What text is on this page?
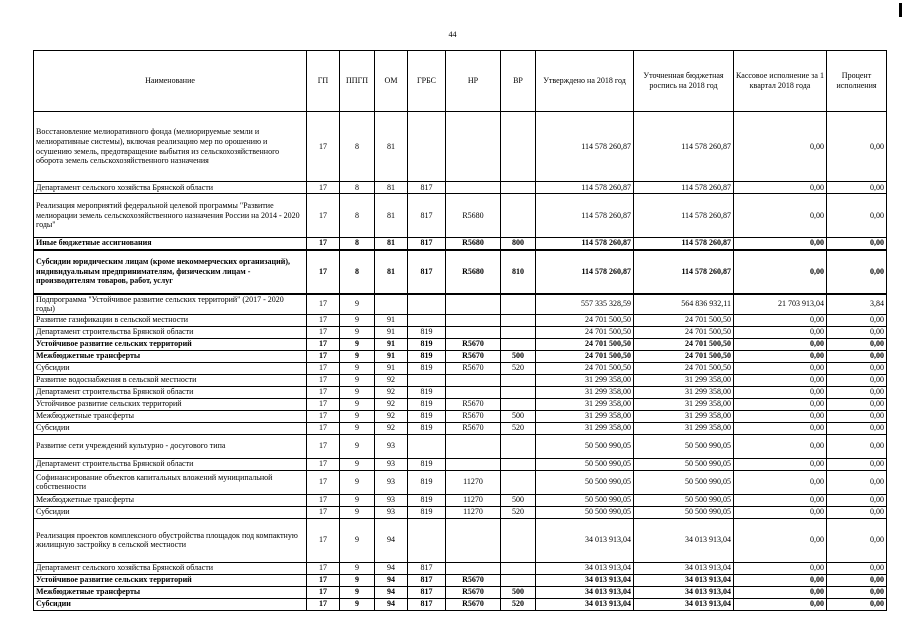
44
Наименование	ГП	ППГП	ОМ	ГРБС	НР	ВР	Утверждено на 2018 год	Уточненная бюджетная роспись на 2018 год	Кассовое исполнение за 1 квартал 2018 года	Процент исполнения
Восстановление мелиоративного фонда (мелиорируемые земли и мелиоративные системы), включая реализацию мер по орошению и осушению земель, предотвращение выбытия из сельскохозяйственного оборота земель сельскохозяйственного назначения	17	8	81				114 578 260,87	114 578 260,87	0,00	0,00
Департамент сельского хозяйства Брянской области	17	8	81	817			114 578 260,87	114 578 260,87	0,00	0,00
Реализация мероприятий федеральной целевой программы "Развитие мелиорации земель сельскохозяйственного назначения России на 2014 - 2020 годы"	17	8	81	817	R5680		114 578 260,87	114 578 260,87	0,00	0,00
Иные бюджетные ассигнования	17	8	81	817	R5680	800	114 578 260,87	114 578 260,87	0,00	0,00
Субсидии юридическим лицам (кроме некоммерческих организаций), индивидуальным предпринимателям, физическим лицам - производителям товаров, работ, услуг	17	8	81	817	R5680	810	114 578 260,87	114 578 260,87	0,00	0,00
Подпрограмма "Устойчивое развитие сельских территорий" (2017 - 2020 годы)	17	9					557 335 328,59	564 836 932,11	21 703 913,04	3,84
Развитие газификации в сельской местности	17	9	91				24 701 500,50	24 701 500,50	0,00	0,00
Департамент строительства Брянской области	17	9	91	819			24 701 500,50	24 701 500,50	0,00	0,00
Устойчивое развитие сельских территорий	17	9	91	819	R5670		24 701 500,50	24 701 500,50	0,00	0,00
Межбюджетные трансферты	17	9	91	819	R5670	500	24 701 500,50	24 701 500,50	0,00	0,00
Субсидии	17	9	91	819	R5670	520	24 701 500,50	24 701 500,50	0,00	0,00
Развитие водоснабжения в сельской местности	17	9	92				31 299 358,00	31 299 358,00	0,00	0,00
Департамент строительства Брянской области	17	9	92	819			31 299 358,00	31 299 358,00	0,00	0,00
Устойчивое развитие сельских территорий	17	9	92	819	R5670		31 299 358,00	31 299 358,00	0,00	0,00
Межбюджетные трансферты	17	9	92	819	R5670	500	31 299 358,00	31 299 358,00	0,00	0,00
Субсидии	17	9	92	819	R5670	520	31 299 358,00	31 299 358,00	0,00	0,00
Развитие сети учреждений культурно - досугового типа	17	9	93				50 500 990,05	50 500 990,05	0,00	0,00
Департамент строительства Брянской области	17	9	93	819			50 500 990,05	50 500 990,05	0,00	0,00
Софинансирование объектов капитальных вложений муниципальной собственности	17	9	93	819	11270		50 500 990,05	50 500 990,05	0,00	0,00
Межбюджетные трансферты	17	9	93	819	11270	500	50 500 990,05	50 500 990,05	0,00	0,00
Субсидии	17	9	93	819	11270	520	50 500 990,05	50 500 990,05	0,00	0,00
Реализация проектов комплексного обустройства площадок под компактную жилищную застройку в сельской местности	17	9	94				34 013 913,04	34 013 913,04	0,00	0,00
Департамент сельского хозяйства Брянской области	17	9	94	817			34 013 913,04	34 013 913,04	0,00	0,00
Устойчивое развитие сельских территорий	17	9	94	817	R5670		34 013 913,04	34 013 913,04	0,00	0,00
Межбюджетные трансферты	17	9	94	817	R5670	500	34 013 913,04	34 013 913,04	0,00	0,00
Субсидии	17	9	94	817	R5670	520	34 013 913,04	34 013 913,04	0,00	0,00
